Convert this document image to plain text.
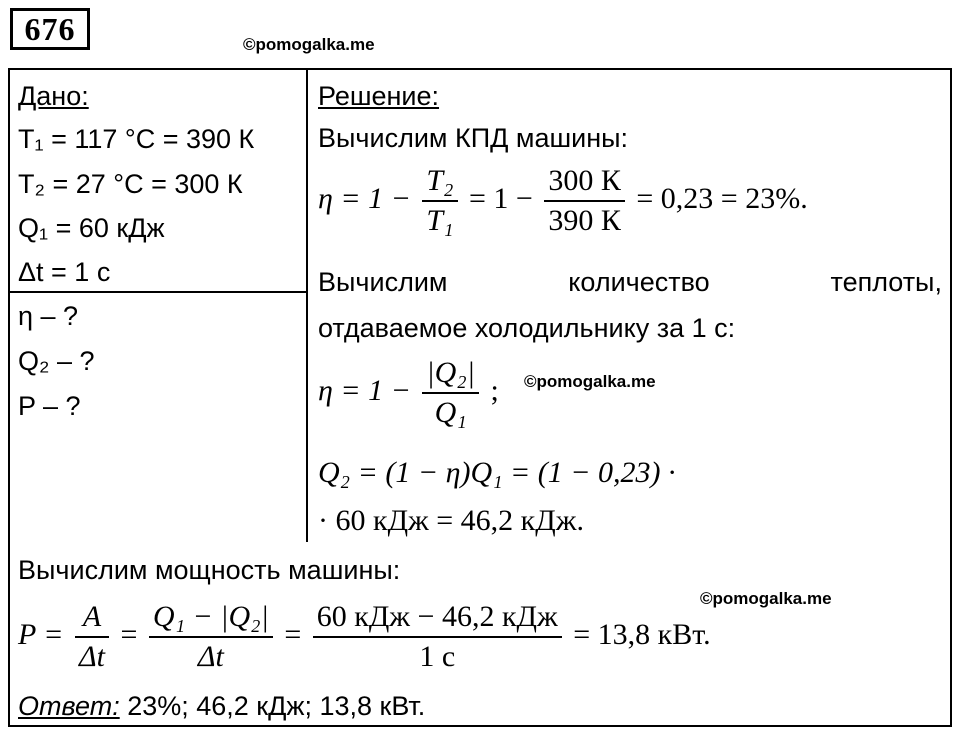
676	©pomogalka.me
Дано:
T₁ = 117 °C = 390 К
T₂ = 27 °C = 300 К
Q₁ = 60 кДж
Δt = 1 с
η – ?
Q₂ – ?
P – ?
Решение:
Вычислим КПД машины:
$\eta = 1 - \frac{\text{T₂}}{\text{T₁}} = 1 - \frac{300 К}{390 К} = 0,23 = 23\%$.
Вычислим	количество	теплоты,
отдаваемое холодильнику за 1 с:
$\eta = 1 - \frac{\text{|Q₂|}}{\text{Q₁}}$ ; ©pomogalka.me
Q₂ = (1 − η)Q₁ = (1 − 0,23) ·
· 60 кДж = 46,2 кДж.
Вычислим мощность машины:
©pomogalka.me
$P = \frac{A}{\Delta t} = \frac{\text{Q₁ − |Q₂|}}{\Delta t} = \frac{\text{60 кДж − 46,2 кДж}}{1 с} = 13,8$ кВт.
Ответ: 23%; 46,2 кДж; 13,8 кВт.
